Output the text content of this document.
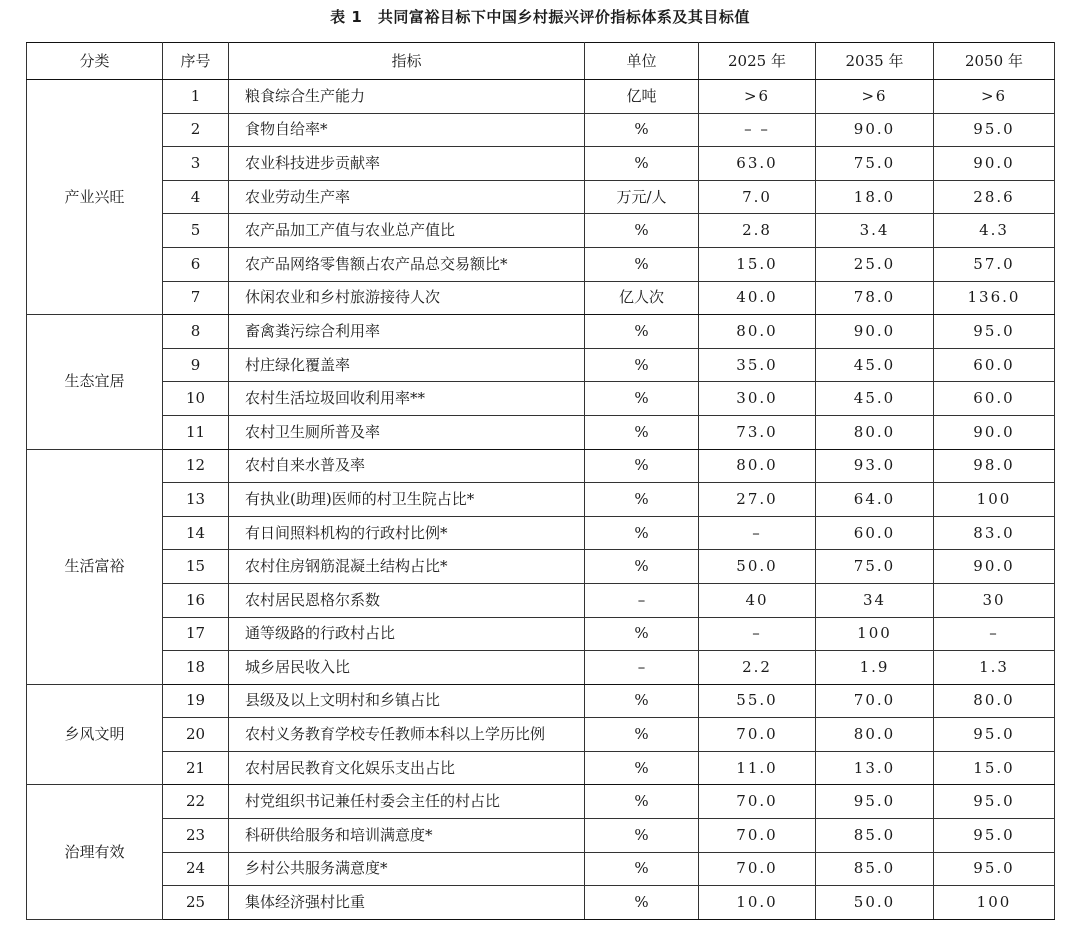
表 1　共同富裕目标下中国乡村振兴评价指标体系及其目标值
分类	序号	指标	单位	2025 年	2035 年	2050 年
产业兴旺	1	粮食综合生产能力	亿吨	>6	>6	>6
	2	食物自给率*	%	– –	90.0	95.0
	3	农业科技进步贡献率	%	63.0	75.0	90.0
	4	农业劳动生产率	万元/人	7.0	18.0	28.6
	5	农产品加工产值与农业总产值比	%	2.8	3.4	4.3
	6	农产品网络零售额占农产品总交易额比*	%	15.0	25.0	57.0
	7	休闲农业和乡村旅游接待人次	亿人次	40.0	78.0	136.0
生态宜居	8	畜禽粪污综合利用率	%	80.0	90.0	95.0
	9	村庄绿化覆盖率	%	35.0	45.0	60.0
	10	农村生活垃圾回收利用率**	%	30.0	45.0	60.0
	11	农村卫生厕所普及率	%	73.0	80.0	90.0
生活富裕	12	农村自来水普及率	%	80.0	93.0	98.0
	13	有执业(助理)医师的村卫生院占比*	%	27.0	64.0	100
	14	有日间照料机构的行政村比例*	%	–	60.0	83.0
	15	农村住房钢筋混凝土结构占比*	%	50.0	75.0	90.0
	16	农村居民恩格尔系数	–	40	34	30
	17	通等级路的行政村占比	%	–	100	–
	18	城乡居民收入比	–	2.2	1.9	1.3
乡风文明	19	县级及以上文明村和乡镇占比	%	55.0	70.0	80.0
	20	农村义务教育学校专任教师本科以上学历比例	%	70.0	80.0	95.0
	21	农村居民教育文化娱乐支出占比	%	11.0	13.0	15.0
治理有效	22	村党组织书记兼任村委会主任的村占比	%	70.0	95.0	95.0
	23	科研供给服务和培训满意度*	%	70.0	85.0	95.0
	24	乡村公共服务满意度*	%	70.0	85.0	95.0
	25	集体经济强村比重	%	10.0	50.0	100
